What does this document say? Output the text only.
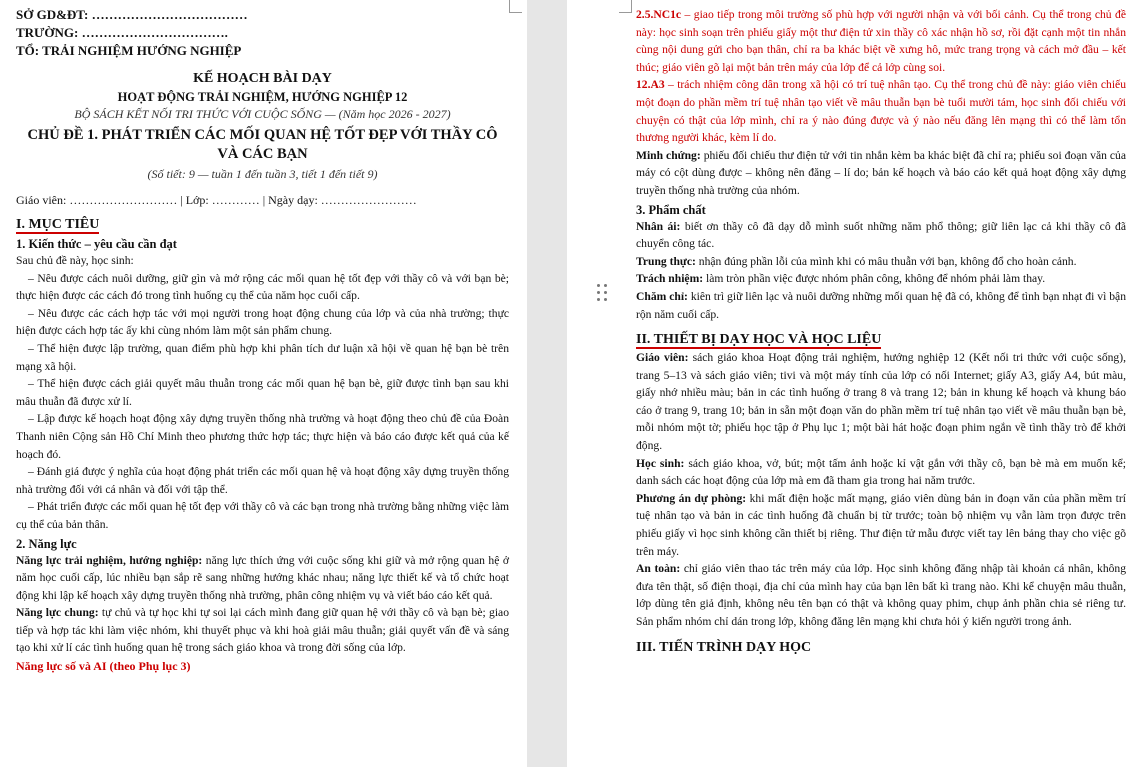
SỞ GD&ĐT: ………………………………
TRƯỜNG: …………………………….
TỔ: TRẢI NGHIỆM HƯỚNG NGHIỆP
KẾ HOẠCH BÀI DẠY
HOẠT ĐỘNG TRẢI NGHIỆM, HƯỚNG NGHIỆP 12
BỘ SÁCH KẾT NỐI TRI THỨC VỚI CUỘC SỐNG — (Năm học 2026 - 2027)
CHỦ ĐỀ 1. PHÁT TRIỂN CÁC MỐI QUAN HỆ TỐT ĐẸP VỚI THẦY CÔ VÀ CÁC BẠN
(Số tiết: 9 — tuần 1 đến tuần 3, tiết 1 đến tiết 9)
Giáo viên: ……………………… | Lớp: ………… | Ngày dạy: ……………………
I. MỤC TIÊU
1. Kiến thức – yêu cầu cần đạt

Sau chủ đề này, học sinh:

– Nêu được cách nuôi dưỡng, giữ gìn và mở rộng các mối quan hệ tốt đẹp với thầy cô và với bạn bè; thực hiện được các cách đó trong tình huống cụ thể của năm học cuối cấp.

– Nêu được các cách hợp tác với mọi người trong hoạt động chung của lớp và của nhà trường; thực hiện được cách hợp tác ấy khi cùng nhóm làm một sản phẩm chung.

– Thể hiện được lập trường, quan điểm phù hợp khi phân tích dư luận xã hội về quan hệ bạn bè trên mạng xã hội.

– Thể hiện được cách giải quyết mâu thuẫn trong các mối quan hệ bạn bè, giữ được tình bạn sau khi mâu thuẫn đã được xử lí.

– Lập được kế hoạch hoạt động xây dựng truyền thống nhà trường và hoạt động theo chủ đề của Đoàn Thanh niên Cộng sản Hồ Chí Minh theo phương thức hợp tác; thực hiện và báo cáo được kết quả của kế hoạch đó.

– Đánh giá được ý nghĩa của hoạt động phát triển các mối quan hệ và hoạt động xây dựng truyền thống nhà trường đối với cá nhân và đối với tập thể.

– Phát triển được các mối quan hệ tốt đẹp với thầy cô và các bạn trong nhà trường bằng những việc làm cụ thể của bản thân.

2. Năng lực

Năng lực trải nghiệm, hướng nghiệp: năng lực thích ứng với cuộc sống khi giữ và mở rộng quan hệ ở năm học cuối cấp, lúc nhiều bạn sắp rẽ sang những hướng khác nhau; năng lực thiết kế và tổ chức hoạt động khi lập kế hoạch xây dựng truyền thống nhà trường, phân công nhiệm vụ và viết báo cáo kết quả.

Năng lực chung: tự chủ và tự học khi tự soi lại cách mình đang giữ quan hệ với thầy cô và bạn bè; giao tiếp và hợp tác khi làm việc nhóm, khi thuyết phục và khi hoà giải mâu thuẫn; giải quyết vấn đề và sáng tạo khi xử lí các tình huống quan hệ trong sách giáo khoa và trong đời sống của lớp.

Năng lực số và AI (theo Phụ lục 3)

2.5.NC1c – giao tiếp trong môi trường số phù hợp với người nhận và với bối cảnh. Cụ thể trong chủ đề này: học sinh soạn trên phiếu giấy một thư điện tử xin thầy cô xác nhận hồ sơ, rồi đặt cạnh một tin nhắn cùng nội dung gửi cho bạn thân, chỉ ra ba khác biệt về xưng hô, mức trang trọng và cách mở đầu – kết thúc; giáo viên gõ lại một bản trên máy của lớp để cả lớp cùng soi.

12.A3 – trách nhiệm công dân trong xã hội có trí tuệ nhân tạo. Cụ thể trong chủ đề này: giáo viên chiếu một đoạn do phần mềm trí tuệ nhân tạo viết về mâu thuẫn bạn bè tuổi mười tám, học sinh đối chiếu với chuyện có thật của lớp mình, chỉ ra ý nào đúng được và ý nào nếu đăng lên mạng thì có thể làm tổn thương người khác, kèm lí do.

Minh chứng: phiếu đối chiếu thư điện tử với tin nhắn kèm ba khác biệt đã chỉ ra; phiếu soi đoạn văn của máy có cột dùng được – không nên đăng – lí do; bản kế hoạch và báo cáo kết quả hoạt động xây dựng truyền thống nhà trường của nhóm.

3. Phẩm chất

Nhân ái: biết ơn thầy cô đã dạy dỗ mình suốt những năm phổ thông; giữ liên lạc cả khi thầy cô đã chuyển công tác.

Trung thực: nhận đúng phần lỗi của mình khi có mâu thuẫn với bạn, không đổ cho hoàn cảnh.

Trách nhiệm: làm tròn phần việc được nhóm phân công, không để nhóm phải làm thay.

Chăm chỉ: kiên trì giữ liên lạc và nuôi dưỡng những mối quan hệ đã có, không để tình bạn nhạt đi vì bận rộn năm cuối cấp.

II. THIẾT BỊ DẠY HỌC VÀ HỌC LIỆU

Giáo viên: sách giáo khoa Hoạt động trải nghiệm, hướng nghiệp 12 (Kết nối tri thức với cuộc sống), trang 5–13 và sách giáo viên; tivi và một máy tính của lớp có nối Internet; giấy A3, giấy A4, bút màu, giấy nhớ nhiều màu; bản in các tình huống ở trang 8 và trang 12; bản in khung kế hoạch và khung báo cáo ở trang 9, trang 10; bản in sẵn một đoạn văn do phần mềm trí tuệ nhân tạo viết về mâu thuẫn bạn bè, mỗi nhóm một tờ; phiếu học tập ở Phụ lục 1; một bài hát hoặc đoạn phim ngắn về tình thầy trò để khởi động.

Học sinh: sách giáo khoa, vở, bút; một tấm ảnh hoặc kỉ vật gắn với thầy cô, bạn bè mà em muốn kể; danh sách các hoạt động của lớp mà em đã tham gia trong hai năm trước.

Phương án dự phòng: khi mất điện hoặc mất mạng, giáo viên dùng bản in đoạn văn của phần mềm trí tuệ nhân tạo và bản in các tình huống đã chuẩn bị từ trước; toàn bộ nhiệm vụ vẫn làm trọn được trên phiếu giấy vì học sinh không cần thiết bị riêng. Thư điện tử mẫu được viết tay lên bảng thay cho việc gõ trên máy.

An toàn: chỉ giáo viên thao tác trên máy của lớp. Học sinh không đăng nhập tài khoản cá nhân, không đưa tên thật, số điện thoại, địa chỉ của mình hay của bạn lên bất kì trang nào. Khi kể chuyện mâu thuẫn, lớp dùng tên giả định, không nêu tên bạn có thật và không quay phim, chụp ảnh phần chia sẻ riêng tư. Sản phẩm nhóm chỉ dán trong lớp, không đăng lên mạng khi chưa hỏi ý kiến người trong ảnh.

III. TIẾN TRÌNH DẠY HỌC
